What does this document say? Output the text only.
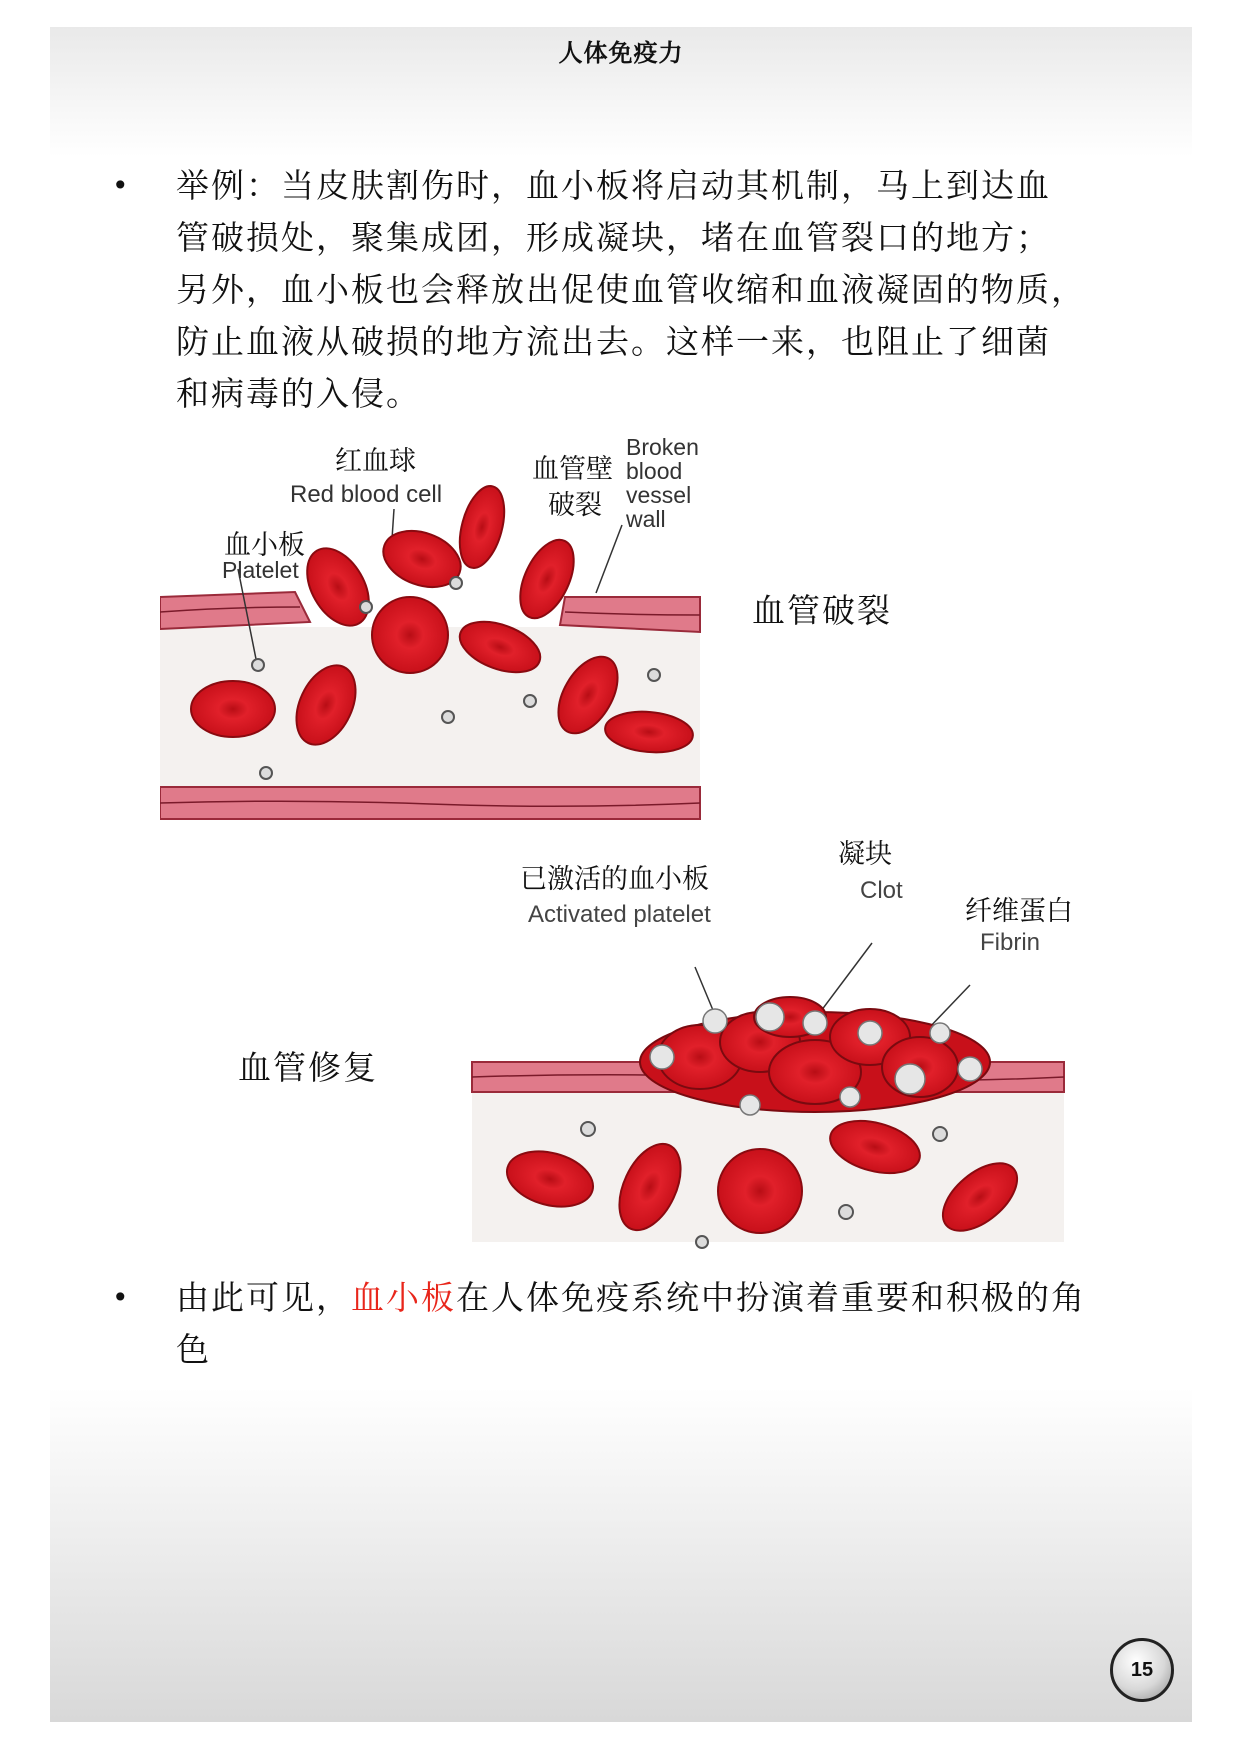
人体免疫力
• 举例：当皮肤割伤时，血小板将启动其机制，马上到达血
管破损处，聚集成团，形成凝块，堵在血管裂口的地方；
另外，血小板也会释放出促使血管收缩和血液凝固的物质，
防止血液从破损的地方流出去。这样一来，也阻止了细菌
和病毒的入侵。
红血球
Red blood cell
血小板
Platelet
血管壁
破裂
Broken
blood
vessel
wall
血管破裂
已激活的血小板
Activated platelet
凝块
Clot
纤维蛋白
Fibrin
血管修复
• 由此可见，血小板在人体免疫系统中扮演着重要和积极的角
色
15
